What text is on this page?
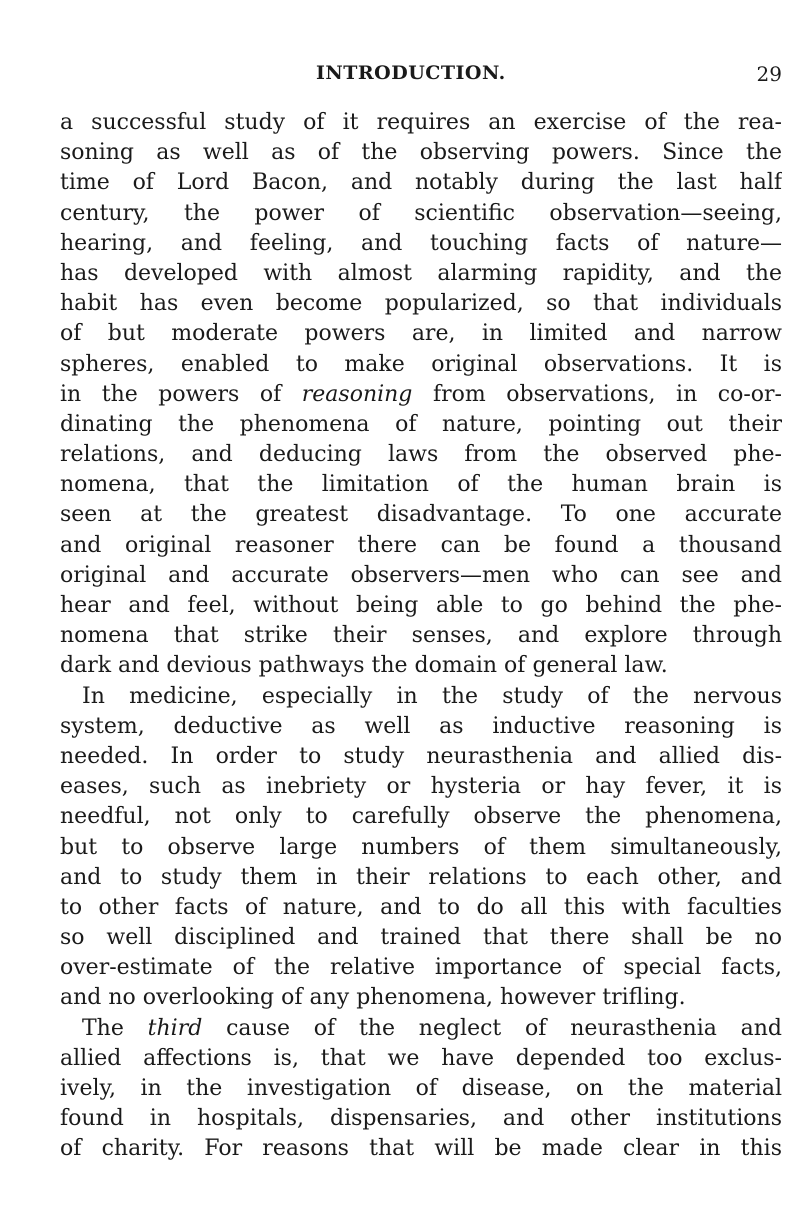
INTRODUCTION.	29
a successful study of it requires an exercise of the rea-
soning as well as of the observing powers. Since the
time of Lord Bacon, and notably during the last half
century, the power of scientific observation—seeing,
hearing, and feeling, and touching facts of nature—
has developed with almost alarming rapidity, and the
habit has even become popularized, so that individuals
of but moderate powers are, in limited and narrow
spheres, enabled to make original observations. It is
in the powers of reasoning from observations, in co-or-
dinating the phenomena of nature, pointing out their
relations, and deducing laws from the observed phe-
nomena, that the limitation of the human brain is
seen at the greatest disadvantage. To one accurate
and original reasoner there can be found a thousand
original and accurate observers—men who can see and
hear and feel, without being able to go behind the phe-
nomena that strike their senses, and explore through
dark and devious pathways the domain of general law.
In medicine, especially in the study of the nervous
system, deductive as well as inductive reasoning is
needed. In order to study neurasthenia and allied dis-
eases, such as inebriety or hysteria or hay fever, it is
needful, not only to carefully observe the phenomena,
but to observe large numbers of them simultaneously,
and to study them in their relations to each other, and
to other facts of nature, and to do all this with faculties
so well disciplined and trained that there shall be no
over-estimate of the relative importance of special facts,
and no overlooking of any phenomena, however trifling.
The third cause of the neglect of neurasthenia and
allied affections is, that we have depended too exclus-
ively, in the investigation of disease, on the material
found in hospitals, dispensaries, and other institutions
of charity. For reasons that will be made clear in this
